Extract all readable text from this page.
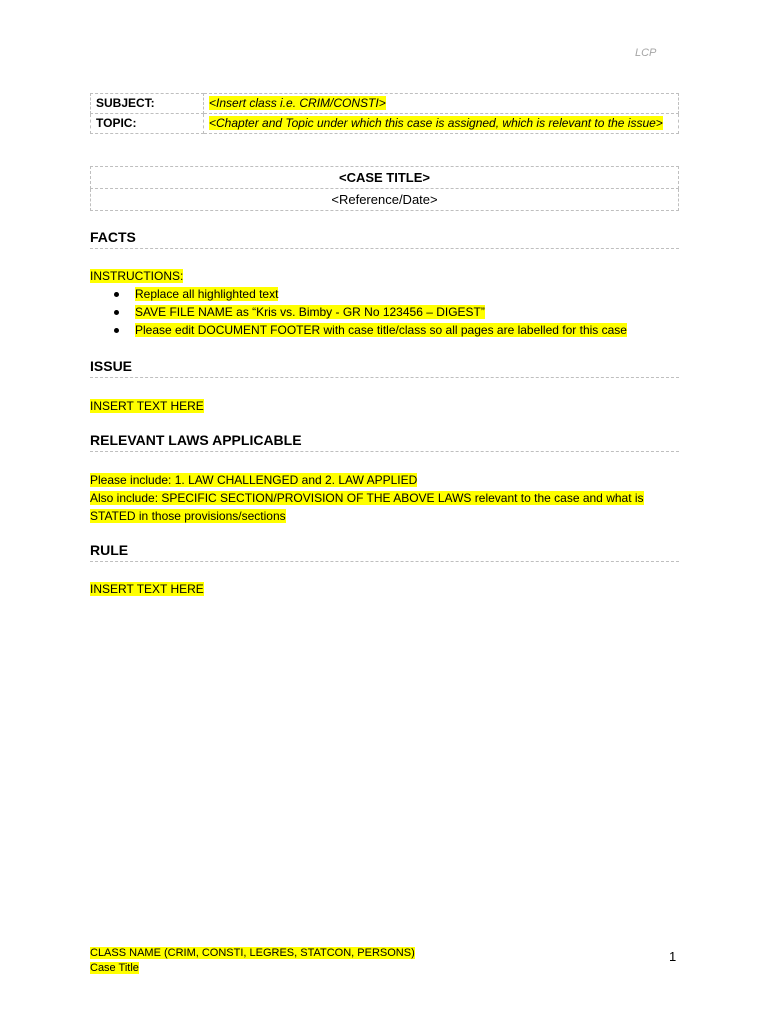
LCP
SUBJECT:	<Insert class i.e. CRIM/CONSTI>
TOPIC:	<Chapter and Topic under which this case is assigned, which is relevant to the issue>
<CASE TITLE>
<Reference/Date>
FACTS
INSTRUCTIONS:
Replace all highlighted text
SAVE FILE NAME as “Kris vs. Bimby - GR No 123456 – DIGEST”
Please edit DOCUMENT FOOTER with case title/class so all pages are labelled for this case
ISSUE
INSERT TEXT HERE
RELEVANT LAWS APPLICABLE
Please include: 1. LAW CHALLENGED and 2. LAW APPLIED
Also include: SPECIFIC SECTION/PROVISION OF THE ABOVE LAWS relevant to the case and what is
STATED in those provisions/sections
RULE
INSERT TEXT HERE
CLASS NAME (CRIM, CONSTI, LEGRES, STATCON, PERSONS)
Case Title
1
